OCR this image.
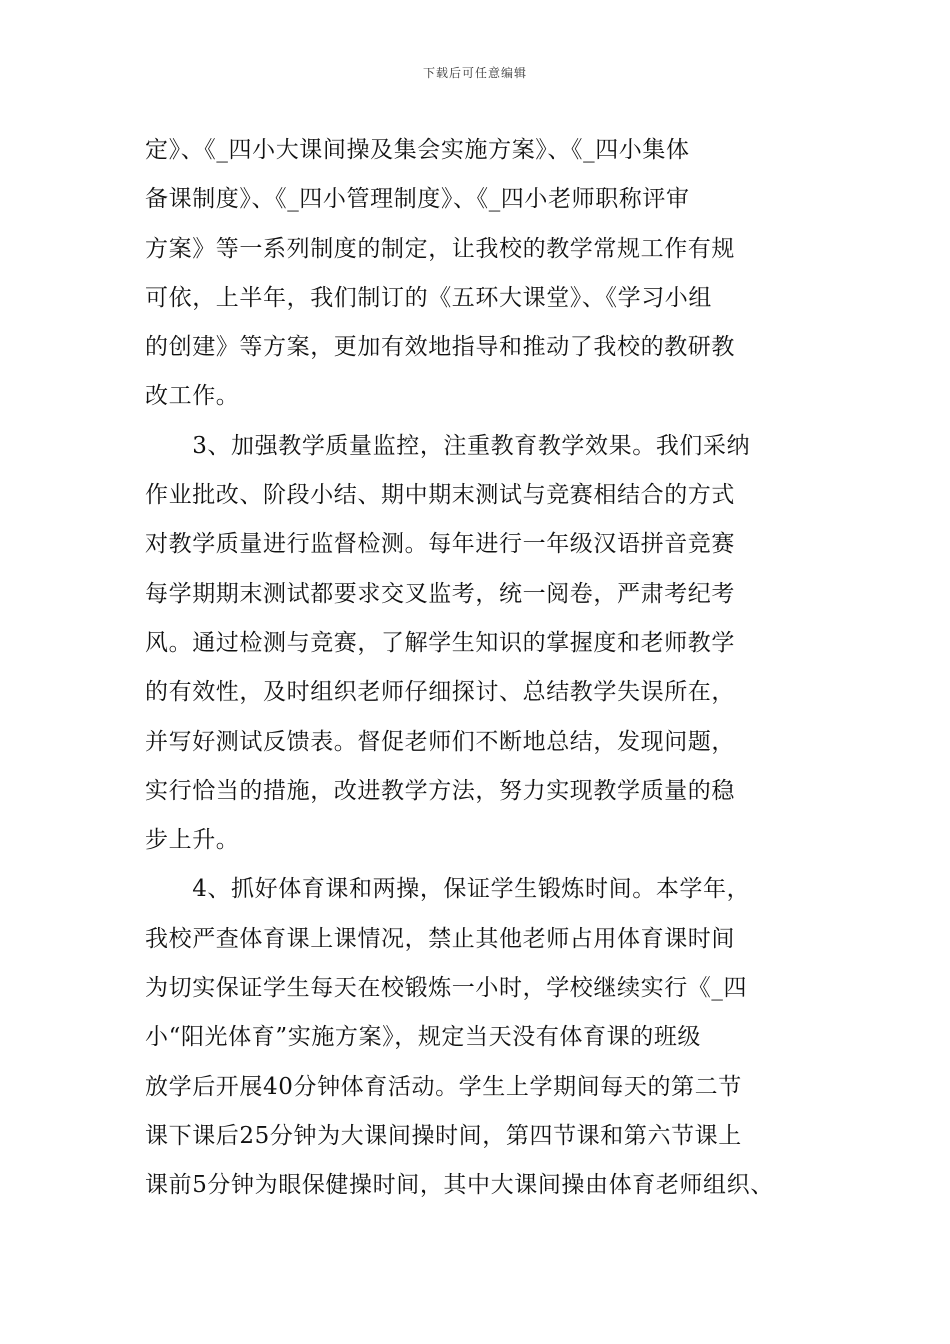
下载后可任意编辑
定》、《_四小大课间操及集会实施方案》、《_四小集体
备课制度》、《_四小管理制度》、《_四小老师职称评审
方案》等一系列制度的制定，让我校的教学常规工作有规
可依，上半年，我们制订的《五环大课堂》、《学习小组
的创建》等方案，更加有效地指导和推动了我校的教研教
改工作。
　　3、加强教学质量监控，注重教育教学效果。我们采纳
作业批改、阶段小结、期中期末测试与竞赛相结合的方式
对教学质量进行监督检测。每年进行一年级汉语拼音竞赛
每学期期末测试都要求交叉监考，统一阅卷，严肃考纪考
风。通过检测与竞赛，了解学生知识的掌握度和老师教学
的有效性，及时组织老师仔细探讨、总结教学失误所在，
并写好测试反馈表。督促老师们不断地总结，发现问题，
实行恰当的措施，改进教学方法，努力实现教学质量的稳
步上升。
　　4、抓好体育课和两操，保证学生锻炼时间。本学年，
我校严查体育课上课情况，禁止其他老师占用体育课时间
为切实保证学生每天在校锻炼一小时，学校继续实行《_四
小“阳光体育”实施方案》，规定当天没有体育课的班级
放学后开展40分钟体育活动。学生上学期间每天的第二节
课下课后25分钟为大课间操时间，第四节课和第六节课上
课前5分钟为眼保健操时间，其中大课间操由体育老师组织、
